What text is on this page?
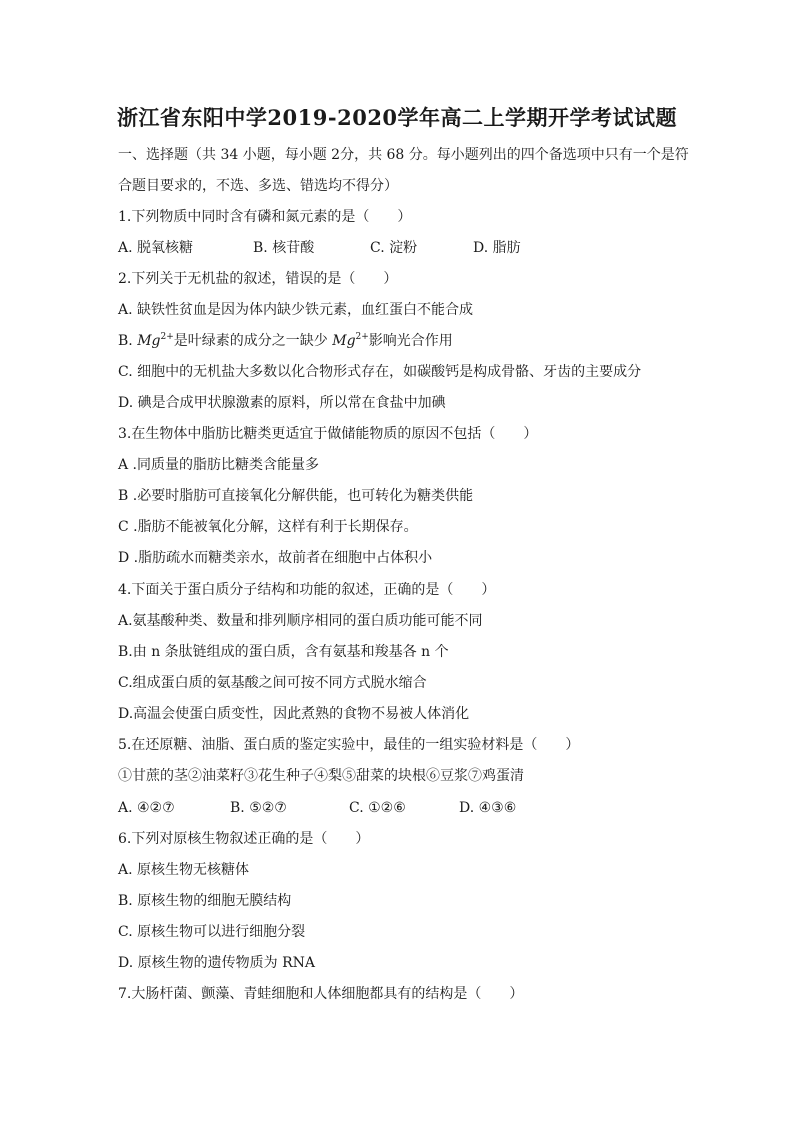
浙江省东阳中学2019-2020学年高二上学期开学考试试题
一、选择题（共 34 小题，每小题 2分，共 68 分。每小题列出的四个备选项中只有一个是符
合题目要求的，不选、多选、错选均不得分）
1.下列物质中同时含有磷和氮元素的是（　　）
A. 脱氧核糖	B. 核苷酸	C. 淀粉	D. 脂肪
2.下列关于无机盐的叙述，错误的是（　　）
A. 缺铁性贫血是因为体内缺少铁元素，血红蛋白不能合成
B. $Mg^{2+}$是叶绿素的成分之一缺少 $Mg^{2+}$影响光合作用
C. 细胞中的无机盐大多数以化合物形式存在，如碳酸钙是构成骨骼、牙齿的主要成分
D. 碘是合成甲状腺激素的原料，所以常在食盐中加碘
3.在生物体中脂肪比糖类更适宜于做储能物质的原因不包括（　　）
A .同质量的脂肪比糖类含能量多
B .必要时脂肪可直接氧化分解供能，也可转化为糖类供能
C .脂肪不能被氧化分解，这样有利于长期保存。
D .脂肪疏水而糖类亲水，故前者在细胞中占体积小
4.下面关于蛋白质分子结构和功能的叙述，正确的是（　　）
A.氨基酸种类、数量和排列顺序相同的蛋白质功能可能不同
B.由 n 条肽链组成的蛋白质，含有氨基和羧基各 n 个
C.组成蛋白质的氨基酸之间可按不同方式脱水缩合
D.高温会使蛋白质变性，因此煮熟的食物不易被人体消化
5.在还原糖、油脂、蛋白质的鉴定实验中，最佳的一组实验材料是（　　）
①甘蔗的茎②油菜籽③花生种子④梨⑤甜菜的块根⑥豆浆⑦鸡蛋清
A. ④②⑦	B. ⑤②⑦	C. ①②⑥	D. ④③⑥
6.下列对原核生物叙述正确的是（　　）
A. 原核生物无核糖体
B. 原核生物的细胞无膜结构
C. 原核生物可以进行细胞分裂
D. 原核生物的遗传物质为 RNA
7.大肠杆菌、颤藻、青蛙细胞和人体细胞都具有的结构是（　　）
